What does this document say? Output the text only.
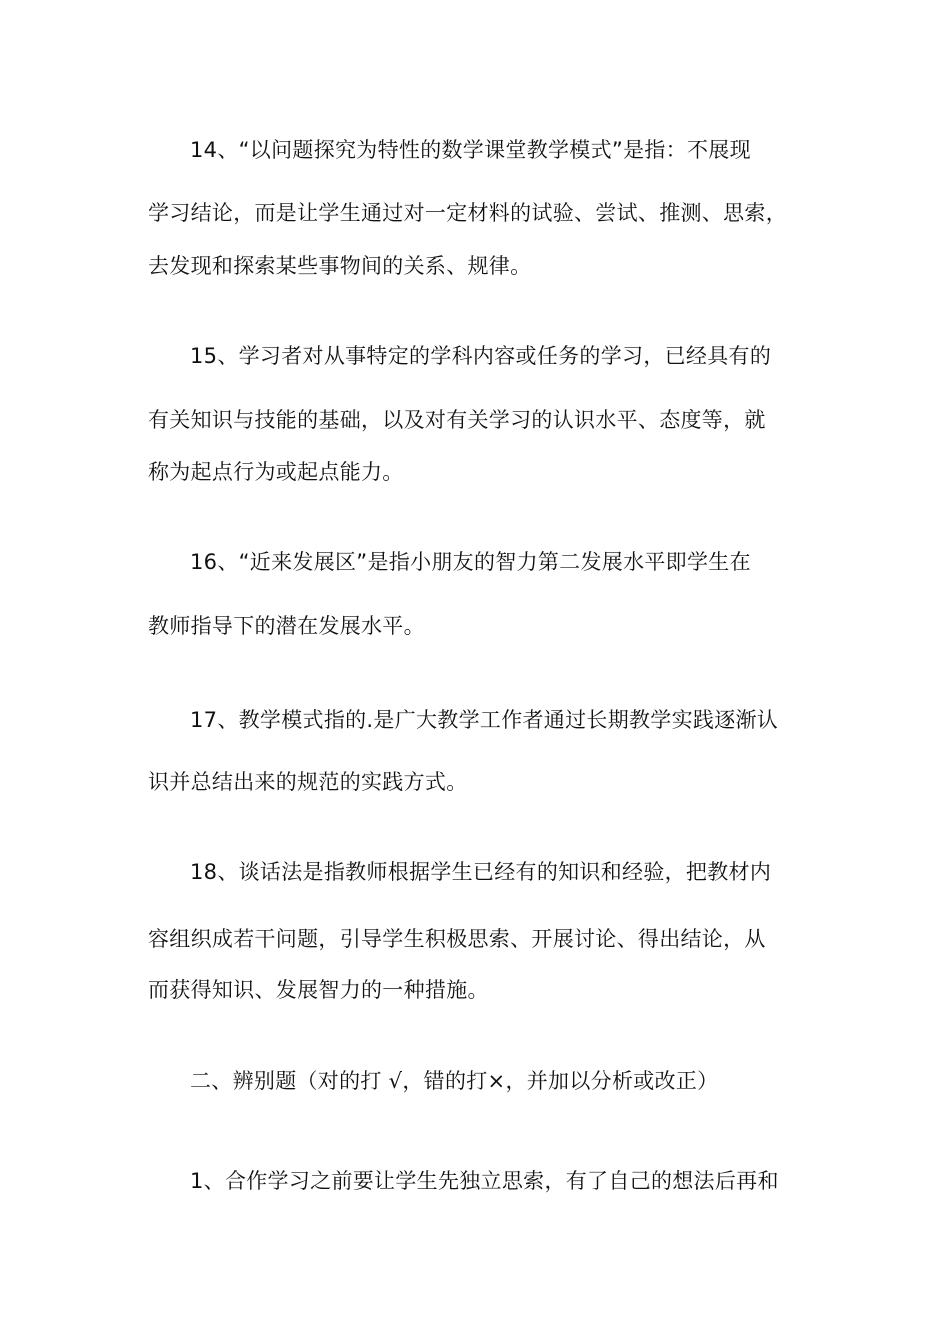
14、“以问题探究为特性的数学课堂教学模式”是指：不展现
学习结论，而是让学生通过对一定材料的试验、尝试、推测、思索，
去发现和探索某些事物间的关系、规律。
15、学习者对从事特定的学科内容或任务的学习，已经具有的
有关知识与技能的基础，以及对有关学习的认识水平、态度等，就
称为起点行为或起点能力。
16、“近来发展区”是指小朋友的智力第二发展水平即学生在
教师指导下的潜在发展水平。
17、教学模式指的.是广大教学工作者通过长期教学实践逐渐认
识并总结出来的规范的实践方式。
18、谈话法是指教师根据学生已经有的知识和经验，把教材内
容组织成若干问题，引导学生积极思索、开展讨论、得出结论，从
而获得知识、发展智力的一种措施。
二、辨别题（对的打 √，错的打×，并加以分析或改正）
1、合作学习之前要让学生先独立思索，有了自己的想法后再和
